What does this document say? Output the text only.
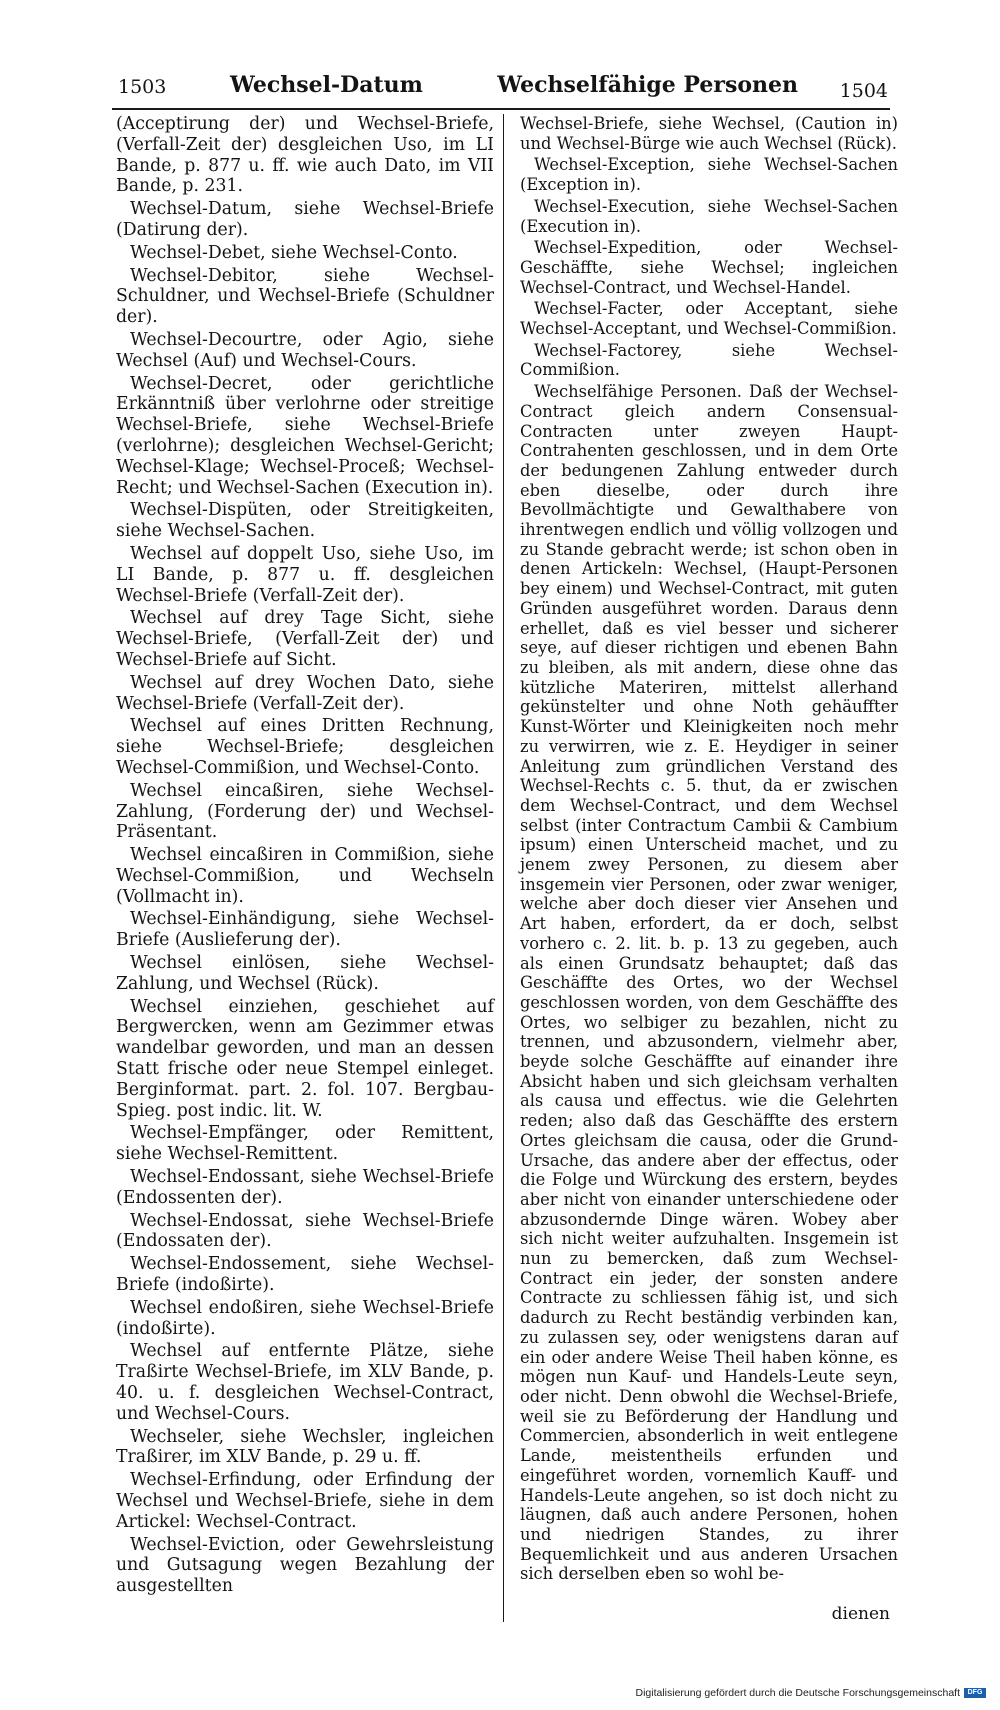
1503	Wechsel-Datum	Wechselfähige Personen 1504

(Acceptirung der) und Wechsel-Briefe, (Verfall-Zeit der) desgleichen Uso, im LI Bande, p. 877 u. ff. wie auch Dato, im VII Bande, p. 231.

Wechsel-Datum, siehe Wechsel-Briefe (Datirung der).

Wechsel-Debet, siehe Wechsel-Conto.

Wechsel-Debitor, siehe Wechsel-Schuldner, und Wechsel-Briefe (Schuldner der).

Wechsel-Decourtre, oder Agio, siehe Wechsel (Auf) und Wechsel-Cours.

Wechsel-Decret, oder gerichtliche Erkänntniß über verlohrne oder streitige Wechsel-Briefe, siehe Wechsel-Briefe (verlohrne); desgleichen Wechsel-Gericht; Wechsel-Klage; Wechsel-Proceß; Wechsel-Recht; und Wechsel-Sachen (Execution in).

Wechsel-Dispüten, oder Streitigkeiten, siehe Wechsel-Sachen.

Wechsel auf doppelt Uso, siehe Uso, im LI Bande, p. 877 u. ff. desgleichen Wechsel-Briefe (Verfall-Zeit der).

Wechsel auf drey Tage Sicht, siehe Wechsel-Briefe, (Verfall-Zeit der) und Wechsel-Briefe auf Sicht.

Wechsel auf drey Wochen Dato, siehe Wechsel-Briefe (Verfall-Zeit der).

Wechsel auf eines Dritten Rechnung, siehe Wechsel-Briefe; desgleichen Wechsel-Commißion, und Wechsel-Conto.

Wechsel eincaßiren, siehe Wechsel-Zahlung, (Forderung der) und Wechsel-Präsentant.

Wechsel eincaßiren in Commißion, siehe Wechsel-Commißion, und Wechseln (Vollmacht in).

Wechsel-Einhändigung, siehe Wechsel-Briefe (Auslieferung der).

Wechsel einlösen, siehe Wechsel-Zahlung, und Wechsel (Rück).

Wechsel einziehen, geschiehet auf Bergwercken, wenn am Gezimmer etwas wandelbar geworden, und man an dessen Statt frische oder neue Stempel einleget. Berginformat. part. 2. fol. 107. Bergbau-Spieg. post indic. lit. W.

Wechsel-Empfänger, oder Remittent, siehe Wechsel-Remittent.

Wechsel-Endossant, siehe Wechsel-Briefe (Endossenten der).

Wechsel-Endossat, siehe Wechsel-Briefe (Endossaten der).

Wechsel-Endossement, siehe Wechsel-Briefe (indoßirte).

Wechsel endoßiren, siehe Wechsel-Briefe (indoßirte).

Wechsel auf entfernte Plätze, siehe Traßirte Wechsel-Briefe, im XLV Bande, p. 40. u. f. desgleichen Wechsel-Contract, und Wechsel-Cours.

Wechseler, siehe Wechsler, ingleichen Traßirer, im XLV Bande, p. 29 u. ff.

Wechsel-Erfindung, oder Erfindung der Wechsel und Wechsel-Briefe, siehe in dem Artickel: Wechsel-Contract.

Wechsel-Eviction, oder Gewehrsleistung und Gutsagung wegen Bezahlung der ausgestellten

Wechsel-Briefe, siehe Wechsel, (Caution in) und Wechsel-Bürge wie auch Wechsel (Rück).

Wechsel-Exception, siehe Wechsel-Sachen (Exception in).

Wechsel-Execution, siehe Wechsel-Sachen (Execution in).

Wechsel-Expedition, oder Wechsel-Geschäffte, siehe Wechsel; ingleichen Wechsel-Contract, und Wechsel-Handel.

Wechsel-Facter, oder Acceptant, siehe Wechsel-Acceptant, und Wechsel-Commißion.

Wechsel-Factorey, siehe Wechsel-Commißion.

Wechselfähige Personen. Daß der Wechsel-Contract gleich andern Consensual-Contracten unter zweyen Haupt-Contrahenten geschlossen, und in dem Orte der bedungenen Zahlung entweder durch eben dieselbe, oder durch ihre Bevollmächtigte und Gewalthabere von ihrentwegen endlich und völlig vollzogen und zu Stande gebracht werde; ist schon oben in denen Artickeln: Wechsel, (Haupt-Personen bey einem) und Wechsel-Contract, mit guten Gründen ausgeführet worden. Daraus denn erhellet, daß es viel besser und sicherer seye, auf dieser richtigen und ebenen Bahn zu bleiben, als mit andern, diese ohne das kützliche Materiren, mittelst allerhand gekünstelter und ohne Noth gehäuffter Kunst-Wörter und Kleinigkeiten noch mehr zu verwirren, wie z. E. Heydiger in seiner Anleitung zum gründlichen Verstand des Wechsel-Rechts c. 5. thut, da er zwischen dem Wechsel-Contract, und dem Wechsel selbst (inter Contractum Cambii & Cambium ipsum) einen Unterscheid machet, und zu jenem zwey Personen, zu diesem aber insgemein vier Personen, oder zwar weniger, welche aber doch dieser vier Ansehen und Art haben, erfordert, da er doch, selbst vorhero c. 2. lit. b. p. 13 zu gegeben, auch als einen Grundsatz behauptet; daß das Geschäffte des Ortes, wo der Wechsel geschlossen worden, von dem Geschäffte des Ortes, wo selbiger zu bezahlen, nicht zu trennen, und abzusondern, vielmehr aber, beyde solche Geschäffte auf einander ihre Absicht haben und sich gleichsam verhalten als causa und effectus. wie die Gelehrten reden; also daß das Geschäffte des erstern Ortes gleichsam die causa, oder die Grund-Ursache, das andere aber der effectus, oder die Folge und Würckung des erstern, beydes aber nicht von einander unterschiedene oder abzusondernde Dinge wären. Wobey aber sich nicht weiter aufzuhalten. Insgemein ist nun zu bemercken, daß zum Wechsel-Contract ein jeder, der sonsten andere Contracte zu schliessen fähig ist, und sich dadurch zu Recht beständig verbinden kan, zu zulassen sey, oder wenigstens daran auf ein oder andere Weise Theil haben könne, es mögen nun Kauf- und Handels-Leute seyn, oder nicht. Denn obwohl die Wechsel-Briefe, weil sie zu Beförderung der Handlung und Commercien, absonderlich in weit entlegene Lande, meistentheils erfunden und eingeführet worden, vornemlich Kauff- und Handels-Leute angehen, so ist doch nicht zu läugnen, daß auch andere Personen, hohen und niedrigen Standes, zu ihrer Bequemlichkeit und aus anderen Ursachen sich derselben eben so wohl be-

dienen
Digitalisierung gefördert durch die Deutsche Forschungsgemeinschaft	DFG
